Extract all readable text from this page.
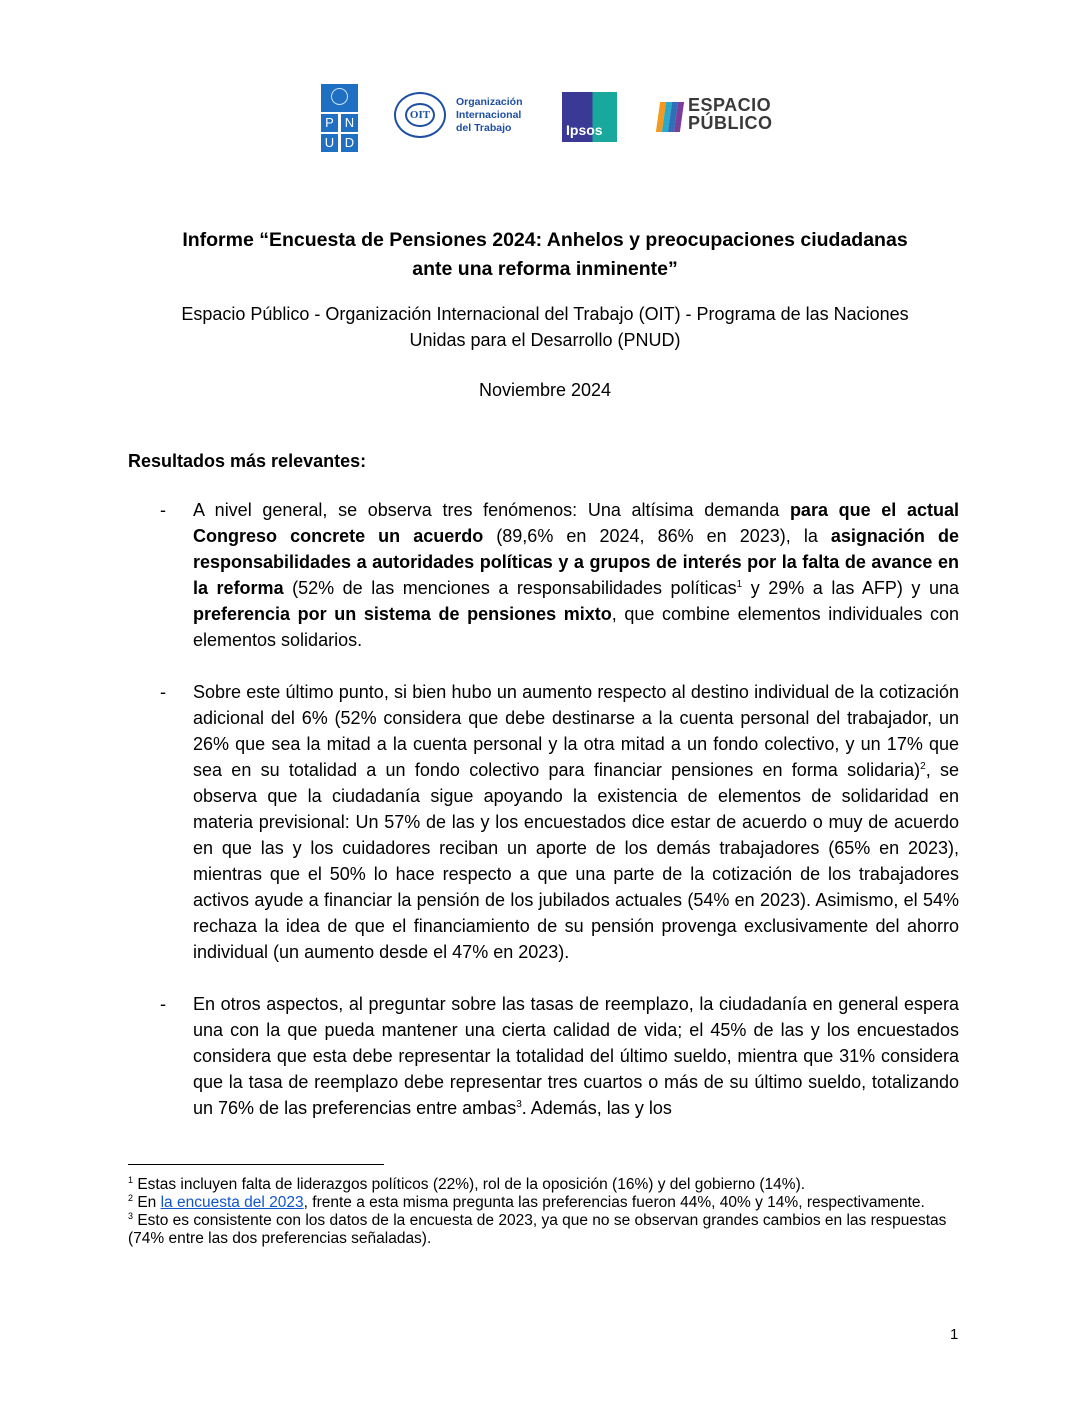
P N
U D
OIT
Organización
Internacional
del Trabajo	Ipsos
ESPACIO
PÚBLICO
Informe “Encuesta de Pensiones 2024: Anhelos y preocupaciones ciudadanas
ante una reforma inminente”
Espacio Público - Organización Internacional del Trabajo (OIT) - Programa de las Naciones
Unidas para el Desarrollo (PNUD)
Noviembre 2024
Resultados más relevantes:
- A nivel general, se observa tres fenómenos: Una altísima demanda para que el actual Congreso concrete un acuerdo (89,6% en 2024, 86% en 2023), la asignación de responsabilidades a autoridades políticas y a grupos de interés por la falta de avance en la reforma (52% de las menciones a responsabilidades políticas$^1$ y 29% a las AFP) y una preferencia por un sistema de pensiones mixto, que combine elementos individuales con elementos solidarios.
- Sobre este último punto, si bien hubo un aumento respecto al destino individual de la cotización adicional del 6% (52% considera que debe destinarse a la cuenta personal del trabajador, un 26% que sea la mitad a la cuenta personal y la otra mitad a un fondo colectivo, y un 17% que sea en su totalidad a un fondo colectivo para financiar pensiones en forma solidaria)$^2$, se observa que la ciudadanía sigue apoyando la existencia de elementos de solidaridad en materia previsional: Un 57% de las y los encuestados dice estar de acuerdo o muy de acuerdo en que las y los cuidadores reciban un aporte de los demás trabajadores (65% en 2023), mientras que el 50% lo hace respecto a que una parte de la cotización de los trabajadores activos ayude a financiar la pensión de los jubilados actuales (54% en 2023). Asimismo, el 54% rechaza la idea de que el financiamiento de su pensión provenga exclusivamente del ahorro individual (un aumento desde el 47% en 2023).
- En otros aspectos, al preguntar sobre las tasas de reemplazo, la ciudadanía en general espera una con la que pueda mantener una cierta calidad de vida; el 45% de las y los encuestados considera que esta debe representar la totalidad del último sueldo, mientra que 31% considera que la tasa de reemplazo debe representar tres cuartos o más de su último sueldo, totalizando un 76% de las preferencias entre ambas$^3$. Además, las y los

$^1$ Estas incluyen falta de liderazgos políticos (22%), rol de la oposición (16%) y del gobierno (14%).

$^2$ En la encuesta del 2023, frente a esta misma pregunta las preferencias fueron 44%, 40% y 14%, respectivamente.

$^3$ Esto es consistente con los datos de la encuesta de 2023, ya que no se observan grandes cambios en las respuestas (74% entre las dos preferencias señaladas).

1
